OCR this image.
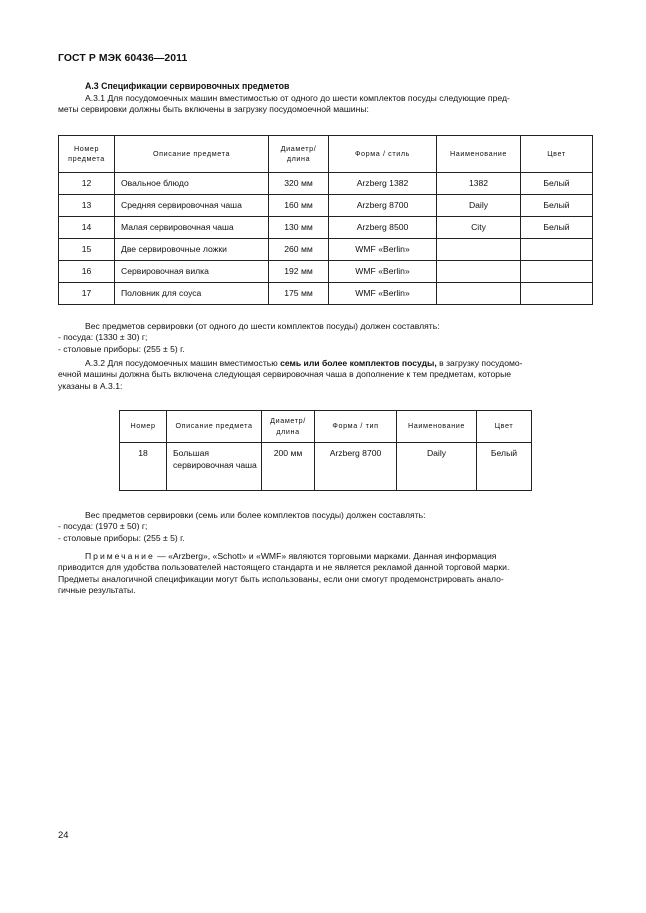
ГОСТ Р МЭК 60436—2011
А.3 Спецификации сервировочных предметов
А.3.1 Для посудомоечных машин вместимостью от одного до шести комплектов посуды следующие пред-
меты сервировки должны быть включены в загрузку посудомоечной машины:
Номер предмета	Описание предмета	Диаметр/ длина	Форма / стиль	Наименование	Цвет
12	Овальное блюдо	320 мм	Arzberg 1382	1382	Белый
13	Средняя сервировочная чаша	160 мм	Arzberg 8700	Daily	Белый
14	Малая сервировочная чаша	130 мм	Arzberg 8500	City	Белый
15	Две сервировочные ложки	260 мм	WMF «Berlin»		
16	Сервировочная вилка	192 мм	WMF «Berlin»		
17	Половник для соуса	175 мм	WMF «Berlin»		
Вес предметов сервировки (от одного до шести комплектов посуды) должен составлять:
- посуда: (1330 ± 30) г;
- столовые приборы: (255 ± 5) г.
А.3.2 Для посудомоечных машин вместимостью семь или более комплектов посуды, в загрузку посудомо-
ечной машины должна быть включена следующая сервировочная чаша в дополнение к тем предметам, которые
указаны в А.3.1:
Номер	Описание предмета	Диаметр/ длина	Форма / тип	Наименование	Цвет
18	Большая сервировочная чаша	200 мм	Arzberg 8700	Daily	Белый
Вес предметов сервировки (семь или более комплектов посуды) должен составлять:
- посуда: (1970 ± 50) г;
- столовые приборы: (255 ± 5) г.
Примечание — «Arzberg», «Schott» и «WMF» являются торговыми марками. Данная информация
приводится для удобства пользователей настоящего стандарта и не является рекламой данной торговой марки.
Предметы аналогичной спецификации могут быть использованы, если они смогут продемонстрировать анало-
гичные результаты.
24
